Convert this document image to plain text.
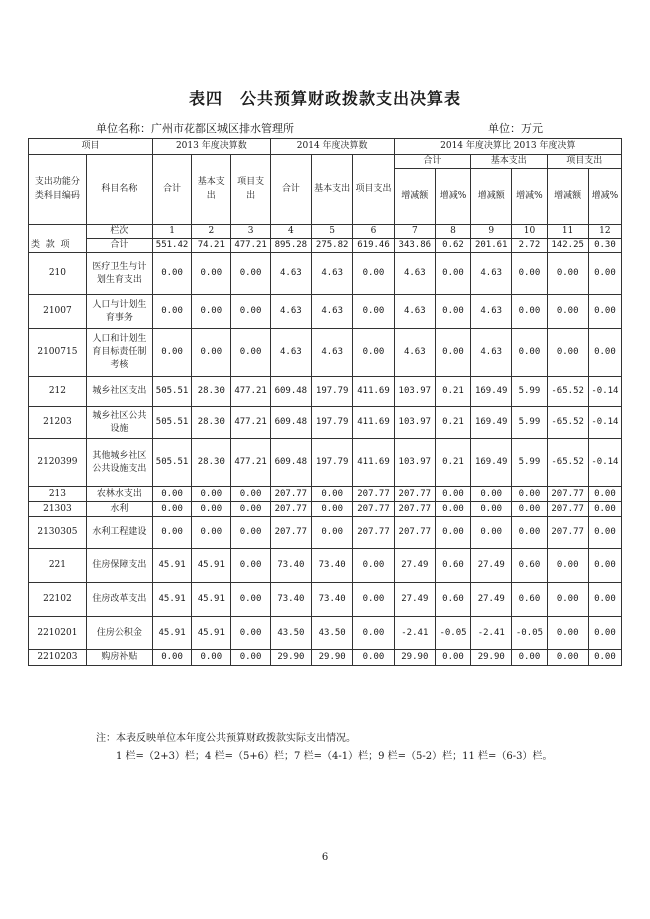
表四　公共预算财政拨款支出决算表
单位名称：广州市花都区城区排水管理所	单位：万元
项目		2013 年度决算数			2014 年度决算数			2014 年度决算比 2013 年度决算					
支出功能分类科目编码	科目名称	合计	基本支出	项目支出	合计	基本支出	项目支出	合计		基本支出		项目支出	
								增减额	增减%	增减额	增减%	增减额	增减%
类 款 项	栏次	1	2	3	4	5	6	7	8	9	10	11	12
	合计	551.42	74.21	477.21	895.28	275.82	619.46	343.86	0.62	201.61	2.72	142.25	0.30
210	医疗卫生与计划生育支出	0.00	0.00	0.00	4.63	4.63	0.00	4.63	0.00	4.63	0.00	0.00	0.00
21007	人口与计划生育事务	0.00	0.00	0.00	4.63	4.63	0.00	4.63	0.00	4.63	0.00	0.00	0.00
2100715	人口和计划生育目标责任制考核	0.00	0.00	0.00	4.63	4.63	0.00	4.63	0.00	4.63	0.00	0.00	0.00
212	城乡社区支出	505.51	28.30	477.21	609.48	197.79	411.69	103.97	0.21	169.49	5.99	-65.52	-0.14
21203	城乡社区公共设施	505.51	28.30	477.21	609.48	197.79	411.69	103.97	0.21	169.49	5.99	-65.52	-0.14
2120399	其他城乡社区公共设施支出	505.51	28.30	477.21	609.48	197.79	411.69	103.97	0.21	169.49	5.99	-65.52	-0.14
213	农林水支出	0.00	0.00	0.00	207.77	0.00	207.77	207.77	0.00	0.00	0.00	207.77	0.00
21303	水利	0.00	0.00	0.00	207.77	0.00	207.77	207.77	0.00	0.00	0.00	207.77	0.00
2130305	水利工程建设	0.00	0.00	0.00	207.77	0.00	207.77	207.77	0.00	0.00	0.00	207.77	0.00
221	住房保障支出	45.91	45.91	0.00	73.40	73.40	0.00	27.49	0.60	27.49	0.60	0.00	0.00
22102	住房改革支出	45.91	45.91	0.00	73.40	73.40	0.00	27.49	0.60	27.49	0.60	0.00	0.00
2210201	住房公积金	45.91	45.91	0.00	43.50	43.50	0.00	-2.41	-0.05	-2.41	-0.05	0.00	0.00
2210203	购房补贴	0.00	0.00	0.00	29.90	29.90	0.00	29.90	0.00	29.90	0.00	0.00	0.00
注：本表反映单位本年度公共预算财政拨款实际支出情况。
1 栏=（2+3）栏；4 栏=（5+6）栏；7 栏=（4-1）栏；9 栏=（5-2）栏；11 栏=（6-3）栏。
6
